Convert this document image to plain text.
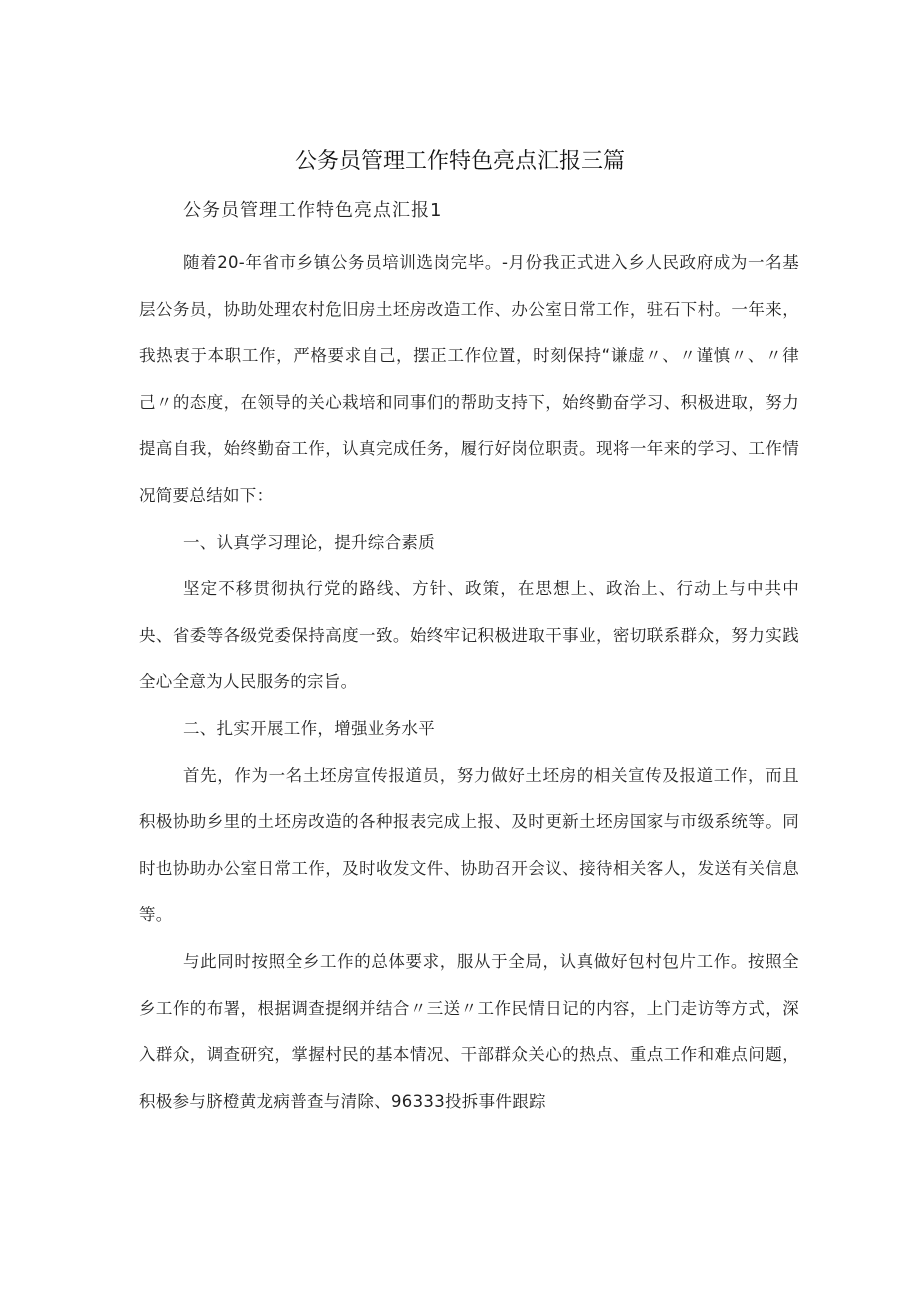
公务员管理工作特色亮点汇报三篇
公务员管理工作特色亮点汇报1

随着20-年省市乡镇公务员培训选岗完毕。-月份我正式进入乡人民政府成为一名基层公务员，协助处理农村危旧房土坯房改造工作、办公室日常工作，驻石下村。一年来，我热衷于本职工作，严格要求自己，摆正工作位置，时刻保持“谦虚〃、〃谨慎〃、〃律己〃的态度，在领导的关心栽培和同事们的帮助支持下，始终勤奋学习、积极进取，努力提高自我，始终勤奋工作，认真完成任务，履行好岗位职责。现将一年来的学习、工作情况简要总结如下：

一、认真学习理论，提升综合素质

坚定不移贯彻执行党的路线、方针、政策，在思想上、政治上、行动上与中共中央、省委等各级党委保持高度一致。始终牢记积极进取干事业，密切联系群众，努力实践全心全意为人民服务的宗旨。

二、扎实开展工作，增强业务水平

首先，作为一名土坯房宣传报道员，努力做好土坯房的相关宣传及报道工作，而且积极协助乡里的土坯房改造的各种报表完成上报、及时更新土坯房国家与市级系统等。同时也协助办公室日常工作，及时收发文件、协助召开会议、接待相关客人，发送有关信息等。

与此同时按照全乡工作的总体要求，服从于全局，认真做好包村包片工作。按照全乡工作的布署，根据调查提纲并结合〃三送〃工作民情日记的内容，上门走访等方式，深入群众，调查研究，掌握村民的基本情况、干部群众关心的热点、重点工作和难点问题，积极参与脐橙黄龙病普查与清除、96333投拆事件跟踪
